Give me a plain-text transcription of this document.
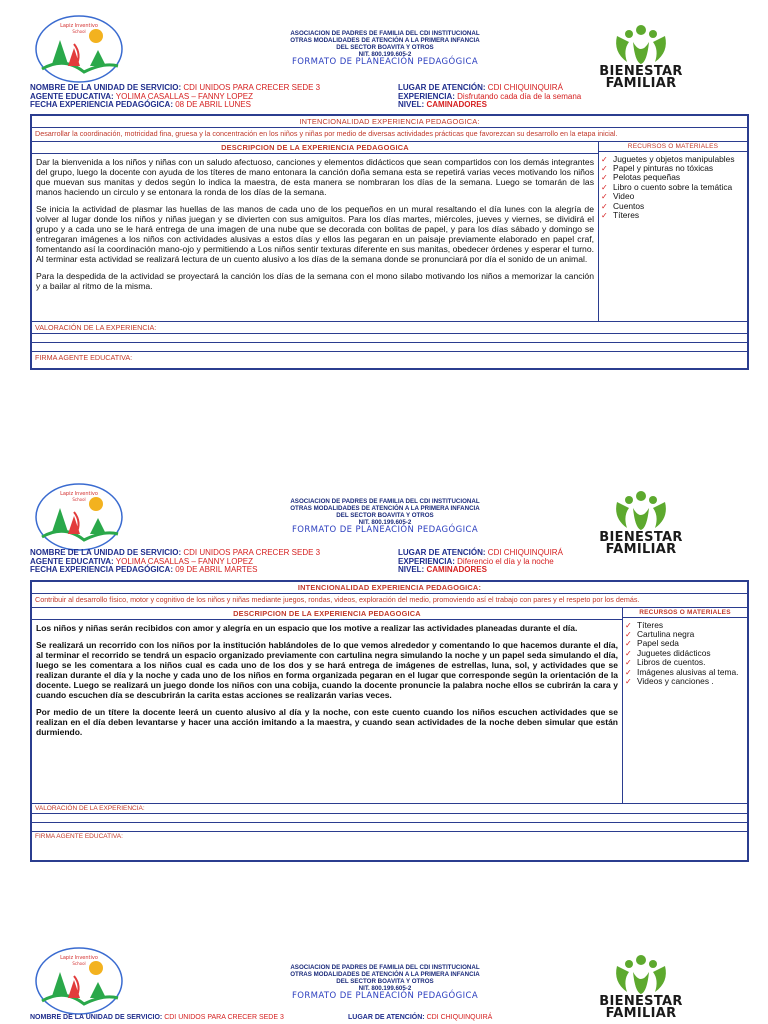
Lapiz Inventivo
School	ASOCIACION DE PADRES DE FAMILIA DEL CDI INSTITUCIONAL
OTRAS MODALIDADES DE ATENCIÓN A LA PRIMERA INFANCIA
DEL SECTOR BOAVITA Y OTROS
NIT. 800.199.605-2
FORMATO DE PLANEACIÓN PEDAGÓGICA
BIENESTAR
FAMILIAR
NOMBRE DE LA UNIDAD DE SERVICIO: CDI UNIDOS PARA CRECER SEDE 3
AGENTE EDUCATIVA: YOLIMA CASALLAS – FANNY LOPEZ
FECHA EXPERIENCIA PEDAGÓGICA: 08 DE ABRIL LUNES
LUGAR DE ATENCIÓN: CDI CHIQUINQUIRÁ
EXPERIENCIA: Disfrutando cada día de la semana
NIVEL: CAMINADORES
INTENCIONALIDAD EXPERIENCIA PEDAGOGICA:
Desarrollar la coordinación, motricidad fina, gruesa y la concentración en los niños y niñas por medio de diversas actividades prácticas que favorezcan su desarrollo en la etapa inicial.
DESCRIPCION DE LA EXPERIENCIA PEDAGOGICA

Dar la bienvenida a los niños y niñas con un saludo afectuoso, canciones y elementos didácticos que sean compartidos con los demás integrantes del grupo, luego la docente con ayuda de los títeres de mano entonara la canción doña semana esta se repetirá varias veces motivando los niños que muevan sus manitas y dedos según lo indica la maestra, de esta manera se nombraran los días de la semana. Luego se tomarán de las manos haciendo un circulo y se entonara la ronda de los días de la semana.

Se inicia la actividad de plasmar las huellas de las manos de cada uno de los pequeños en un mural resaltando el día lunes con la alegría de volver al lugar donde los niños y niñas juegan y se divierten con sus amiguitos. Para los días martes, miércoles, jueves y viernes, se dividirá el grupo y a cada uno se le hará entrega de una imagen de una nube que se decorada con bolitas de papel, y para los días sábado y domingo se entregaran imágenes a los niños con actividades alusivas a estos días y ellos las pegaran en un paisaje previamente elaborado en papel craf, fomentando así la coordinación mano-ojo y permitiendo a Los niños sentir texturas diferente en sus manitas, obedecer órdenes y esperar el turno. Al terminar esta actividad se realizará lectura de un cuento alusivo a los días de la semana donde se pronunciará por día el sonido de un animal.

Para la despedida de la actividad se proyectará la canción los días de la semana con el mono silabo motivando los niños a memorizar la canción y a bailar al ritmo de la misma.

RECURSOS O MATERIALES
✓ Juguetes y objetos manipulables
✓ Papel y pinturas no tóxicas
✓ Pelotas pequeñas
✓ Libro o cuento sobre la temática
✓ Video
✓ Cuentos
✓ Títeres
VALORACIÓN DE LA EXPERIENCIA:
FIRMA AGENTE EDUCATIVA:
Lapiz Inventivo
School	ASOCIACION DE PADRES DE FAMILIA DEL CDI INSTITUCIONAL
OTRAS MODALIDADES DE ATENCIÓN A LA PRIMERA INFANCIA
DEL SECTOR BOAVITA Y OTROS
NIT. 800.199.605-2
FORMATO DE PLANEACIÓN PEDAGÓGICA	BIENESTAR
FAMILIAR
NOMBRE DE LA UNIDAD DE SERVICIO: CDI UNIDOS PARA CRECER SEDE 3
AGENTE EDUCATIVA: YOLIMA CASALLAS – FANNY LOPEZ
FECHA EXPERIENCIA PEDAGÓGICA: 09 DE ABRIL MARTES
LUGAR DE ATENCIÓN: CDI CHIQUINQUIRÁ
EXPERIENCIA: Diferencio el día y la noche
NIVEL: CAMINADORES
INTENCIONALIDAD EXPERIENCIA PEDAGOGICA:
Contribuir al desarrollo físico, motor y cognitivo de los niños y niñas mediante juegos, rondas, videos, exploración del medio, promoviendo así el trabajo con pares y el respeto por los demás.
DESCRIPCION DE LA EXPERIENCIA PEDAGOGICA

Los niños y niñas serán recibidos con amor y alegría en un espacio que los motive a realizar las actividades planeadas durante el día.

Se realizará un recorrido con los niños por la institución hablándoles de lo que vemos alrededor y comentando lo que hacemos durante el día, al terminar el recorrido se tendrá un espacio organizado previamente con cartulina negra simulando la noche y un papel seda simulando el día, luego se les comentara a los niños cual es cada uno de los dos y se hará entrega de imágenes de estrellas, luna, sol, y actividades que se realizan durante el día y la noche y cada uno de los niños en forma organizada pegaran en el lugar que corresponde según la orientación de la docente. Luego se realizará un juego donde los niños con una cobija, cuando la docente pronuncie la palabra noche ellos se cubrirán la cara y cuando escuchen día se descubrirán la carita estas acciones se realizarán varias veces.

Por medio de un títere la docente leerá un cuento alusivo al día y la noche, con este cuento cuando los niños escuchen actividades que se realizan en el día deben levantarse y hacer una acción imitando a la maestra, y cuando sean actividades de la noche deben simular que están durmiendo.

RECURSOS O MATERIALES
✓ Títeres
✓ Cartulina negra
✓ Papel seda
✓ Juguetes didácticos
✓ Libros de cuentos.
✓ Imágenes alusivas al tema.
✓ Videos y canciones .
VALORACIÓN DE LA EXPERIENCIA:
FIRMA AGENTE EDUCATIVA:
Lapiz Inventivo
School
ASOCIACION DE PADRES DE FAMILIA DEL CDI INSTITUCIONAL
OTRAS MODALIDADES DE ATENCIÓN A LA PRIMERA INFANCIA
DEL SECTOR BOAVITA Y OTROS
NIT. 800.199.605-2
FORMATO DE PLANEACIÓN PEDAGÓGICA	BIENESTAR
FAMILIAR
NOMBRE DE LA UNIDAD DE SERVICIO: CDI UNIDOS PARA CRECER SEDE 3	LUGAR DE ATENCIÓN: CDI CHIQUINQUIRÁ
